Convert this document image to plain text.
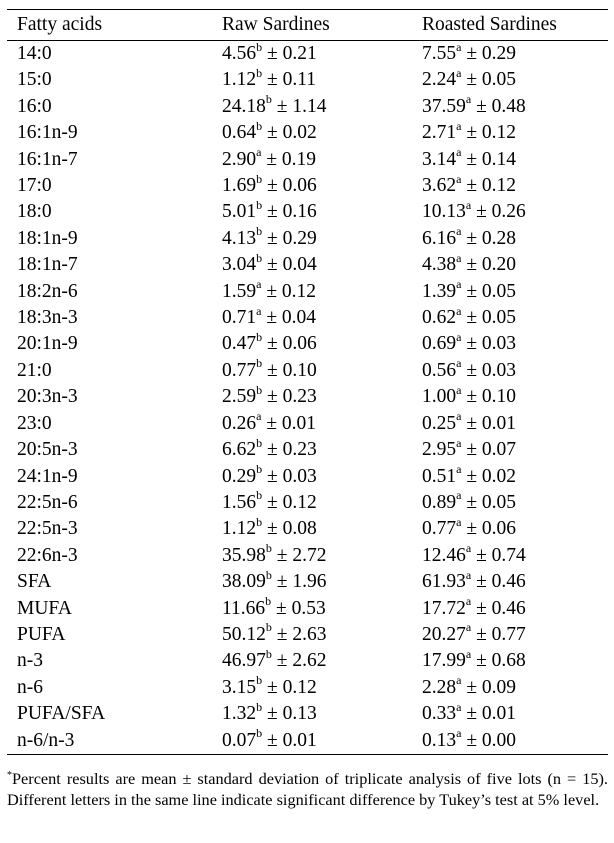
Fatty acids	Raw Sardines	Roasted Sardines
14:0	4.56$^b$ ± 0.21	7.55$^a$ ± 0.29
15:0	1.12$^b$ ± 0.11	2.24$^a$ ± 0.05
16:0	24.18$^b$ ± 1.14	37.59$^a$ ± 0.48
16:1n-9	0.64$^b$ ± 0.02	2.71$^a$ ± 0.12
16:1n-7	2.90$^a$ ± 0.19	3.14$^a$ ± 0.14
17:0	1.69$^b$ ± 0.06	3.62$^a$ ± 0.12
18:0	5.01$^b$ ± 0.16	10.13$^a$ ± 0.26
18:1n-9	4.13$^b$ ± 0.29	6.16$^a$ ± 0.28
18:1n-7	3.04$^b$ ± 0.04	4.38$^a$ ± 0.20
18:2n-6	1.59$^a$ ± 0.12	1.39$^a$ ± 0.05
18:3n-3	0.71$^a$ ± 0.04	0.62$^a$ ± 0.05
20:1n-9	0.47$^b$ ± 0.06	0.69$^a$ ± 0.03
21:0	0.77$^b$ ± 0.10	0.56$^a$ ± 0.03
20:3n-3	2.59$^b$ ± 0.23	1.00$^a$ ± 0.10
23:0	0.26$^a$ ± 0.01	0.25$^a$ ± 0.01
20:5n-3	6.62$^b$ ± 0.23	2.95$^a$ ± 0.07
24:1n-9	0.29$^b$ ± 0.03	0.51$^a$ ± 0.02
22:5n-6	1.56$^b$ ± 0.12	0.89$^a$ ± 0.05
22:5n-3	1.12$^b$ ± 0.08	0.77$^a$ ± 0.06
22:6n-3	35.98$^b$ ± 2.72	12.46$^a$ ± 0.74
SFA	38.09$^b$ ± 1.96	61.93$^a$ ± 0.46
MUFA	11.66$^b$ ± 0.53	17.72$^a$ ± 0.46
PUFA	50.12$^b$ ± 2.63	20.27$^a$ ± 0.77
n-3	46.97$^b$ ± 2.62	17.99$^a$ ± 0.68
n-6	3.15$^b$ ± 0.12	2.28$^a$ ± 0.09
PUFA/SFA	1.32$^b$ ± 0.13	0.33$^a$ ± 0.01
n-6/n-3	0.07$^b$ ± 0.01	0.13$^a$ ± 0.00
*Percent results are mean ± standard deviation of triplicate analysis of five lots (n = 15). Different letters in the same line indicate significant difference by Tukey’s test at 5% level.
